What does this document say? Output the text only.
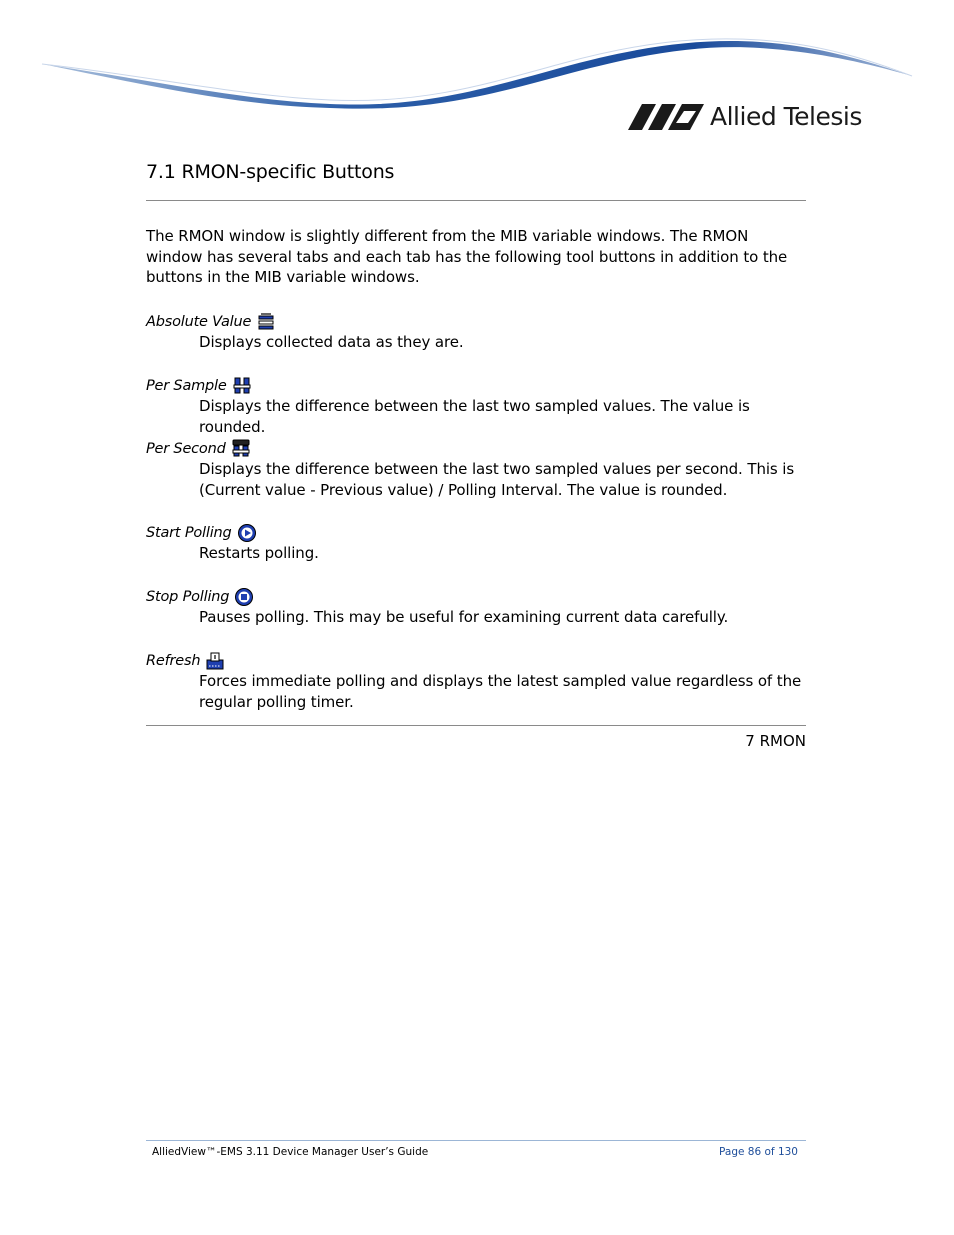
Allied Telesis
7.1 RMON-specific Buttons

The RMON window is slightly different from the MIB variable windows. The RMON window has several tabs and each tab has the following tool buttons in addition to the buttons in the MIB variable windows.

Absolute Value

Displays collected data as they are.

Per Sample

Displays the difference between the last two sampled values. The value is rounded.

Per Second

Displays the difference between the last two sampled values per second. This is (Current value - Previous value) / Polling Interval. The value is rounded.

Start Polling

Restarts polling.

Stop Polling

Pauses polling. This may be useful for examining current data carefully.

Refresh

Forces immediate polling and displays the latest sampled value regardless of the regular polling timer.

7 RMON
AlliedView™-EMS 3.11 Device Manager User’s Guide	Page 86 of 130
